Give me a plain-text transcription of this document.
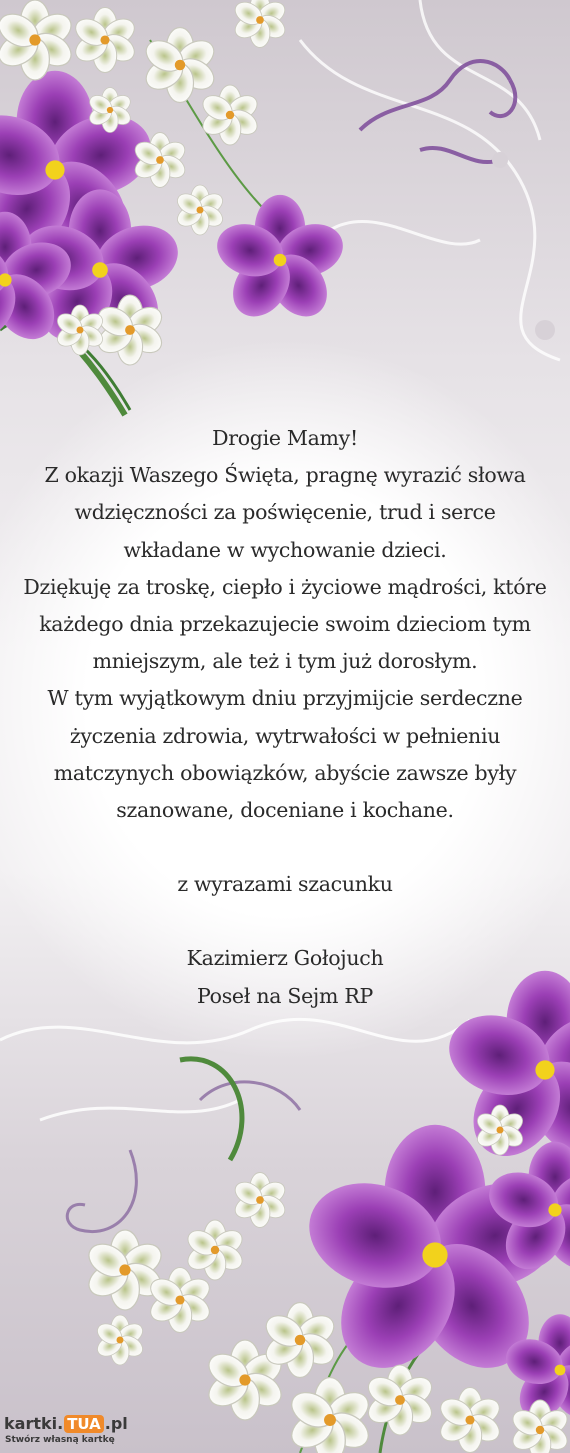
Drogie Mamy!

Z okazji Waszego Święta, pragnę wyrazić słowa

wdzięczności za poświęcenie, trud i serce

wkładane w wychowanie dzieci.

Dziękuję za troskę, ciepło i życiowe mądrości, które

każdego dnia przekazujecie swoim dzieciom tym

mniejszym, ale też i tym już dorosłym.

W tym wyjątkowym dniu przyjmijcie serdeczne

życzenia zdrowia, wytrwałości w pełnieniu

matczynych obowiązków, abyście zawsze były

szanowane, doceniane i kochane.

z wyrazami szacunku

Kazimierz Gołojuch

Poseł na Sejm RP

kartki. TUA .pl
Stwórz własną kartkę
